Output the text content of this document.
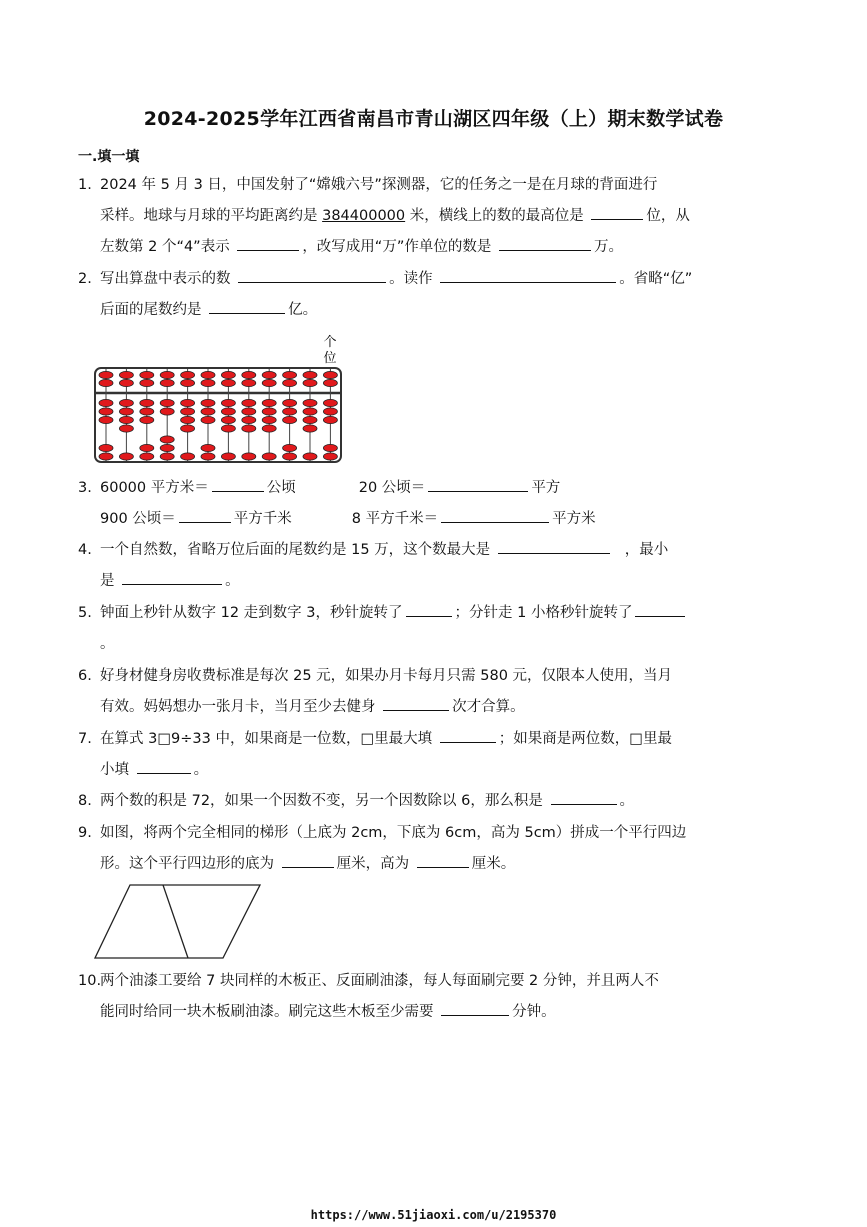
2024-2025学年江西省南昌市青山湖区四年级（上）期末数学试卷
一.填一填
1. 2024 年 5 月 3 日，中国发射了“嫦娥六号”探测器，它的任务之一是在月球的背面进行
采样。地球与月球的平均距离约是 384400000 米，横线上的数的最高位是	位，从
左数第 2 个“4”表示	，改写成用“万”作单位的数是	万。
2. 写出算盘中表示的数	。读作	。省略“亿”
后面的尾数约是	亿。
个
位
3. 60000 平方米＝	公顷	20 公顷＝	平方
900 公顷＝	平方千米	8 平方千米＝	平方米
4. 一个自然数，省略万位后面的尾数约是 15 万，这个数最大是	，最小
是	。
5. 钟面上秒针从数字 12 走到数字 3，秒针旋转了	；分针走 1 小格秒针旋转了
。
6. 好身材健身房收费标准是每次 25 元，如果办月卡每月只需 580 元，仅限本人使用，当月
有效。妈妈想办一张月卡，当月至少去健身	次才合算。
7. 在算式 3□9÷33 中，如果商是一位数，□里最大填	；如果商是两位数，□里最
小填	。
8. 两个数的积是 72，如果一个因数不变，另一个因数除以 6，那么积是	。
9. 如图，将两个完全相同的梯形（上底为 2cm，下底为 6cm，高为 5cm）拼成一个平行四边
形。这个平行四边形的底为	厘米，高为	厘米。
10.两个油漆工要给 7 块同样的木板正、反面刷油漆，每人每面刷完要 2 分钟，并且两人不
能同时给同一块木板刷油漆。刷完这些木板至少需要	分钟。
https://www.51jiaoxi.com/u/2195370
